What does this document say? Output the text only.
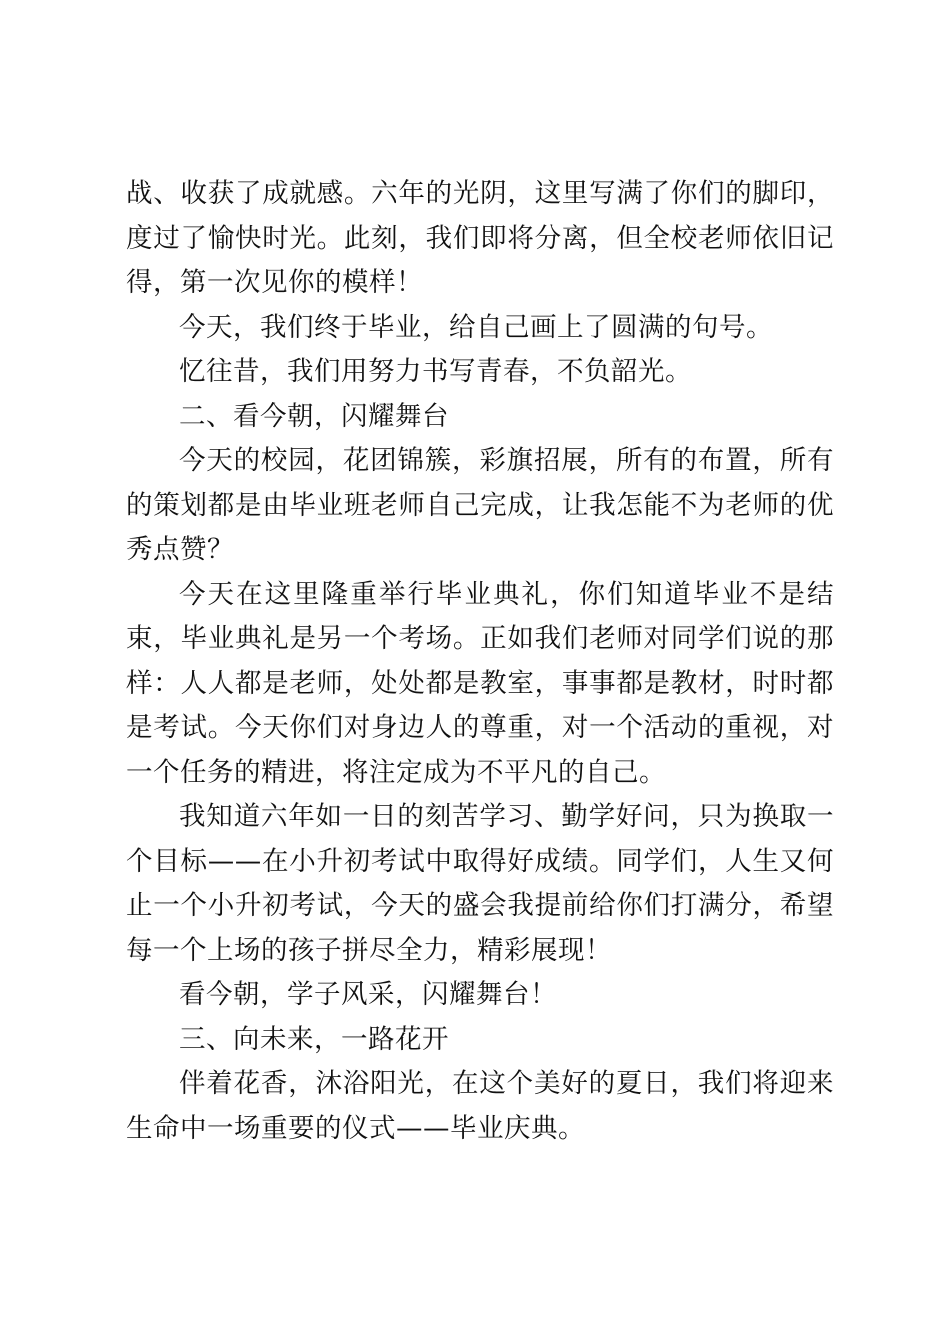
战、收获了成就感。六年的光阴，这里写满了你们的脚印，度过了愉快时光。此刻，我们即将分离，但全校老师依旧记得，第一次见你的模样！

今天，我们终于毕业，给自己画上了圆满的句号。

忆往昔，我们用努力书写青春，不负韶光。

二、看今朝，闪耀舞台

今天的校园，花团锦簇，彩旗招展，所有的布置，所有的策划都是由毕业班老师自己完成，让我怎能不为老师的优秀点赞？

今天在这里隆重举行毕业典礼，你们知道毕业不是结束，毕业典礼是另一个考场。正如我们老师对同学们说的那样：人人都是老师，处处都是教室，事事都是教材，时时都是考试。今天你们对身边人的尊重，对一个活动的重视，对一个任务的精进，将注定成为不平凡的自己。

我知道六年如一日的刻苦学习、勤学好问，只为换取一个目标——在小升初考试中取得好成绩。同学们，人生又何止一个小升初考试，今天的盛会我提前给你们打满分，希望每一个上场的孩子拼尽全力，精彩展现！

看今朝，学子风采，闪耀舞台！

三、向未来，一路花开

伴着花香，沐浴阳光，在这个美好的夏日，我们将迎来生命中一场重要的仪式——毕业庆典。
